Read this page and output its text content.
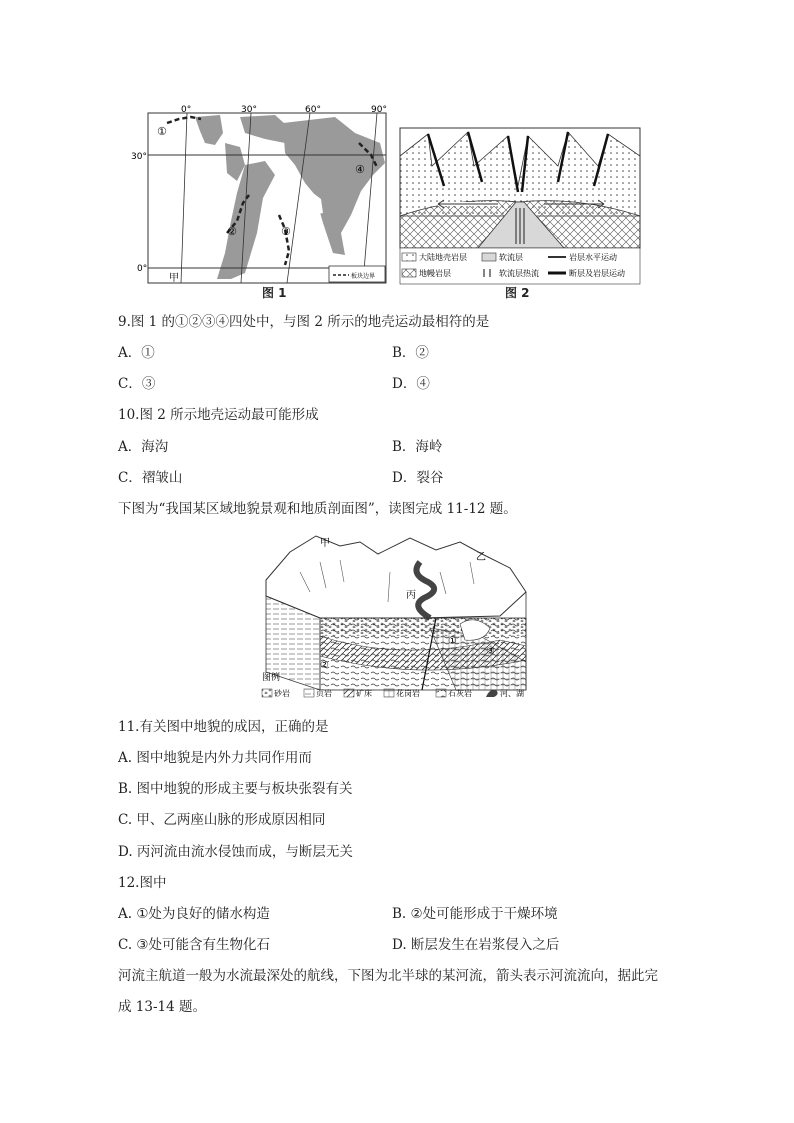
0°	30°	60°	90°
30°
0°
①
②	③
④
甲	板块边界
图 1
大陆地壳岩层	软流层	岩层水平运动
地幔岩层	软流层热流	断层及岩层运动
图 2
9.图 1 的①②③④四处中，与图 2 所示的地壳运动最相符的是
A．①	B．②
C．③	D．④
10.图 2 所示地壳运动最可能形成
A．海沟	B．海岭
C．褶皱山	D．裂谷
下图为“我国某区域地貌景观和地质剖面图”，读图完成 11-12 题。
甲
乙
丙
①
②
③
图例
砂岩	页岩	矿床	花岗岩	石灰岩	河、湖
11.有关图中地貌的成因，正确的是
A. 图中地貌是内外力共同作用而
B. 图中地貌的形成主要与板块张裂有关
C. 甲、乙两座山脉的形成原因相同
D. 丙河流由流水侵蚀而成，与断层无关
12.图中
A. ①处为良好的储水构造	B. ②处可能形成于干燥环境
C. ③处可能含有生物化石	D. 断层发生在岩浆侵入之后
河流主航道一般为水流最深处的航线，下图为北半球的某河流，箭头表示河流流向，据此完
成 13-14 题。
